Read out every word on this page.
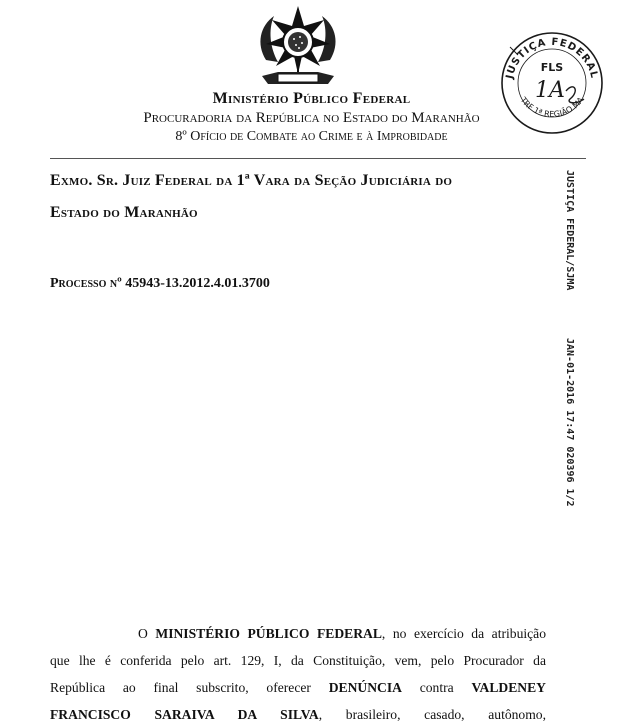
Ministério Público Federal
Procuradoria da República no Estado do Maranhão
8º Ofício de Combate ao Crime e à Improbidade
JUSTIÇA FEDERAL
TRF 1ª REGIÃO MA
FLS
1A
Exmo. Sr. Juiz Federal da 1ª Vara da Seção Judiciária do
Estado do Maranhão
Processo nº 45943-13.2012.4.01.3700	JUSTIÇA FEDERAL/SJMA
JAN-01-2016 17:47 020396 1/2
O MINISTÉRIO PÚBLICO FEDERAL, no exercício da atribuição
que lhe é conferida pelo art. 129, I, da Constituição, vem, pelo Procurador da
República ao final subscrito, oferecer DENÚNCIA contra VALDENEY
FRANCISCO SARAIVA DA SILVA, brasileiro, casado, autônomo,
